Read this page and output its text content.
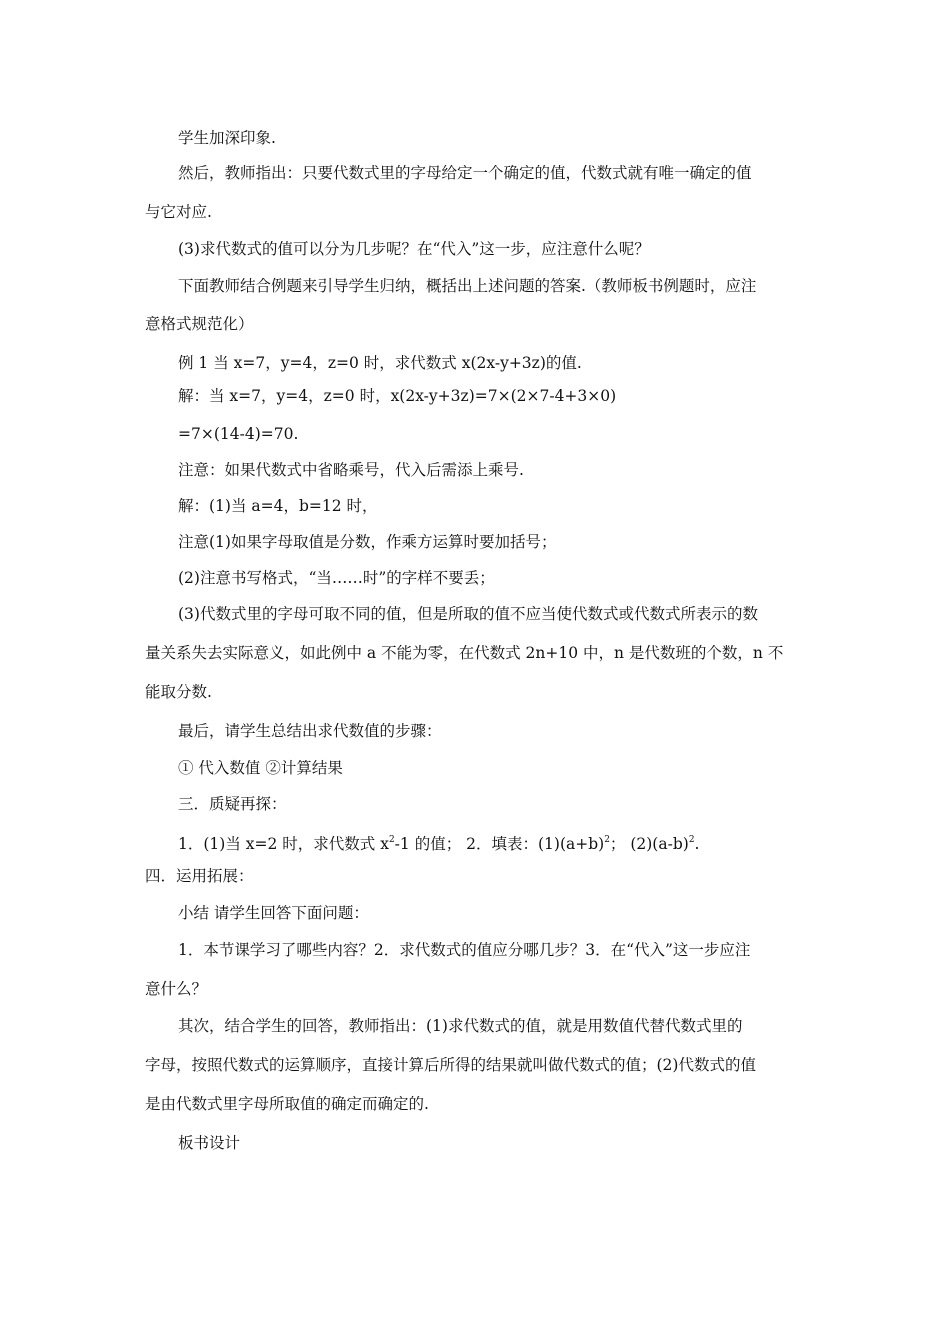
学生加深印象.
然后，教师指出：只要代数式里的字母给定一个确定的值，代数式就有唯一确定的值
与它对应.
(3)求代数式的值可以分为几步呢？在“代入”这一步，应注意什么呢？
下面教师结合例题来引导学生归纳，概括出上述问题的答案.（教师板书例题时，应注
意格式规范化）
例 1 当 x=7，y=4，z=0 时，求代数式 x(2x-y+3z)的值.
解：当 x=7，y=4，z=0 时，x(2x-y+3z)=7×(2×7-4+3×0)
=7×(14-4)=70.
注意：如果代数式中省略乘号，代入后需添上乘号.
解：(1)当 a=4，b=12 时，
注意(1)如果字母取值是分数，作乘方运算时要加括号；
(2)注意书写格式，“当……时”的字样不要丢；
(3)代数式里的字母可取不同的值，但是所取的值不应当使代数式或代数式所表示的数
量关系失去实际意义，如此例中 a 不能为零，在代数式 2n+10 中，n 是代数班的个数，n 不
能取分数.
最后，请学生总结出求代数值的步骤：
① 代入数值 ②计算结果
三．质疑再探：
1．(1)当 x=2 时，求代数式 $x^2-1$ 的值； 2．填表：$(1)(a+b)^2$； $(2)(a-b)^2$.
四．运用拓展：
小结 请学生回答下面问题：
1．本节课学习了哪些内容？2．求代数式的值应分哪几步？3．在“代入”这一步应注
意什么？
其次，结合学生的回答，教师指出：(1)求代数式的值，就是用数值代替代数式里的
字母，按照代数式的运算顺序，直接计算后所得的结果就叫做代数式的值；(2)代数式的值
是由代数式里字母所取值的确定而确定的.
板书设计
